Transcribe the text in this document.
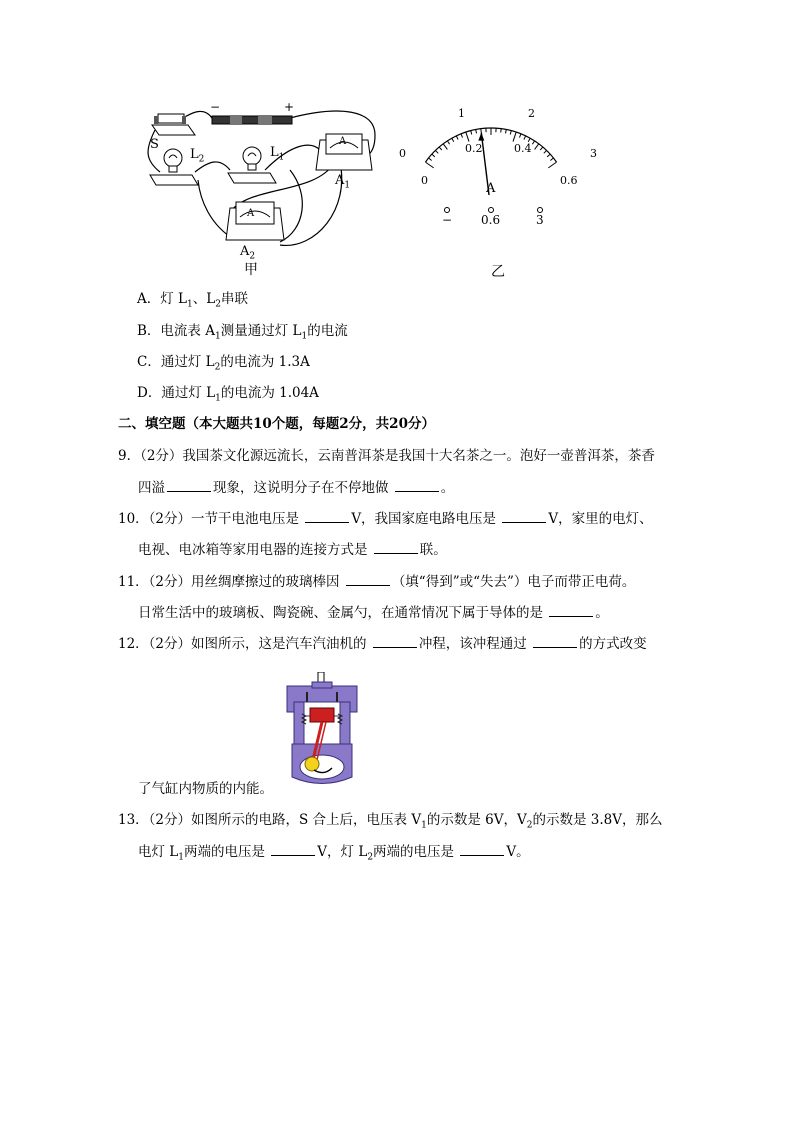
S
−	+
$L_2$	$L_1$
$A_1$
$A_2$
A
A
甲
0
1	2
3
0
0.2	0.4
0.6
A
− 0.6	3
乙
A．灯 $L_1$、$L_2$串联
B．电流表 $A_1$测量通过灯 $L_1$的电流
C．通过灯 $L_2$的电流为 1.3A
D．通过灯 $L_1$的电流为 1.04A
二、填空题（本大题共10个题，每题2分，共20分）
9．（2分）我国茶文化源远流长，云南普洱茶是我国十大名茶之一。泡好一壶普洱茶，茶香
四溢	现象，这说明分子在不停地做	。
10．（2分）一节干电池电压是	V，我国家庭电路电压是	V，家里的电灯、
电视、电冰箱等家用电器的连接方式是	联。
11．（2分）用丝绸摩擦过的玻璃棒因	（填“得到”或“失去”）电子而带正电荷。
日常生活中的玻璃板、陶瓷碗、金属勺，在通常情况下属于导体的是	。
12．（2分）如图所示，这是汽车汽油机的	冲程，该冲程通过	的方式改变
了气缸内物质的内能。
13．（2分）如图所示的电路，S 合上后，电压表 $V_1$的示数是 6V，$V_2$的示数是 3.8V，那么
电灯 $L_1$两端的电压是	V，灯 $L_2$两端的电压是	V。
